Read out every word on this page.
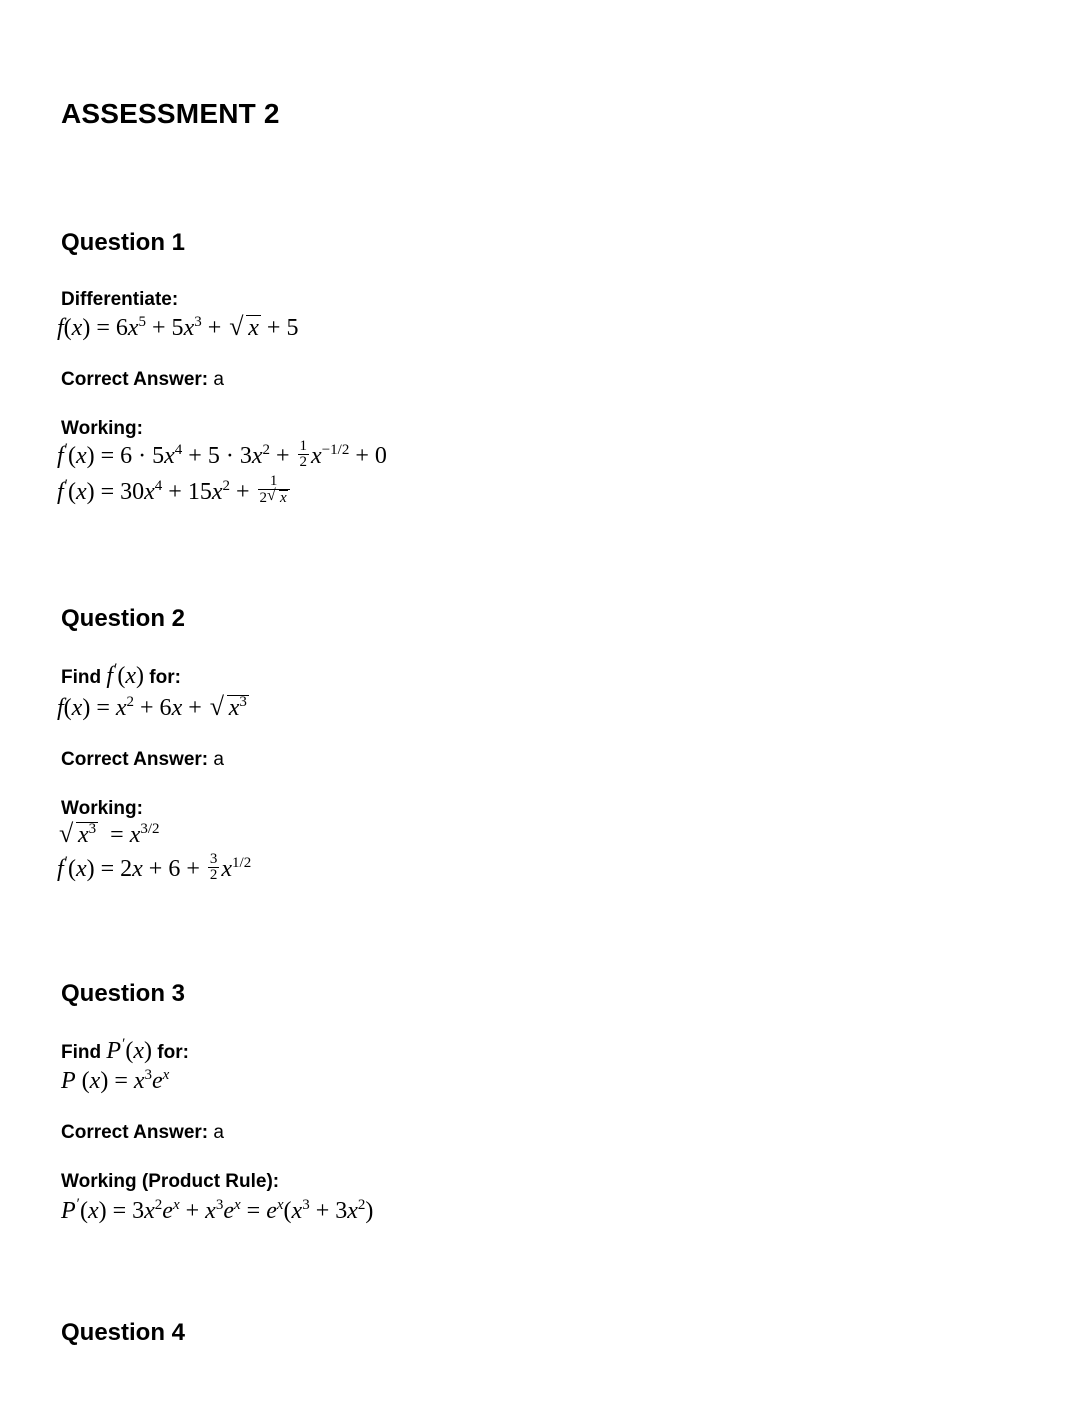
ASSESSMENT 2
Question 1
Differentiate:
$f(x) = 6x^5 + 5x^3$ + √ x + 5
Correct Answer: a
Working:
$f'(x) = 6 \cdot 5x^4 + 5 \cdot 3x^2 + \frac{1}{2} x^{-1/2} + 0$
$f'(x) = 30x^4 + 15x^2 + \frac{1}{2√ x}$
Question 2
Find f′(x) for:
$f(x) = x^2 + 6x$ + √ $x^3$
Correct Answer: a
Working:
√ $x^3 = x^{3/2}$
$f'(x) = 2x + 6 + \frac{3}{2} x^{1/2}$
Question 3
Find P′(x) for:
P $(x) = x^3e^x$
Correct Answer: a
Working (Product Rule):
$P'(x) = 3x^2e^x + x^3e^x = e^x(x^3 + 3x^2)$
Question 4
